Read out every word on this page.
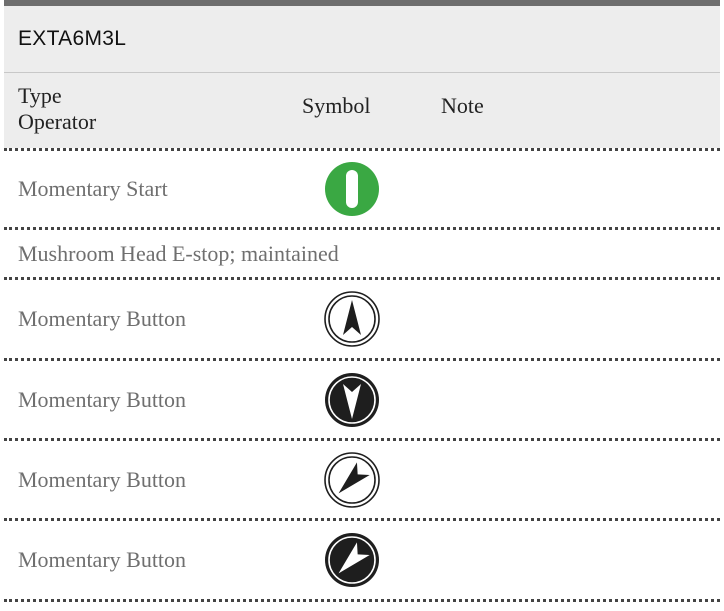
EXTA6M3L
Type
Operator
Symbol	Note
Momentary Start
Mushroom Head E-stop; maintained
Momentary Button
Momentary Button
Momentary Button
Momentary Button
